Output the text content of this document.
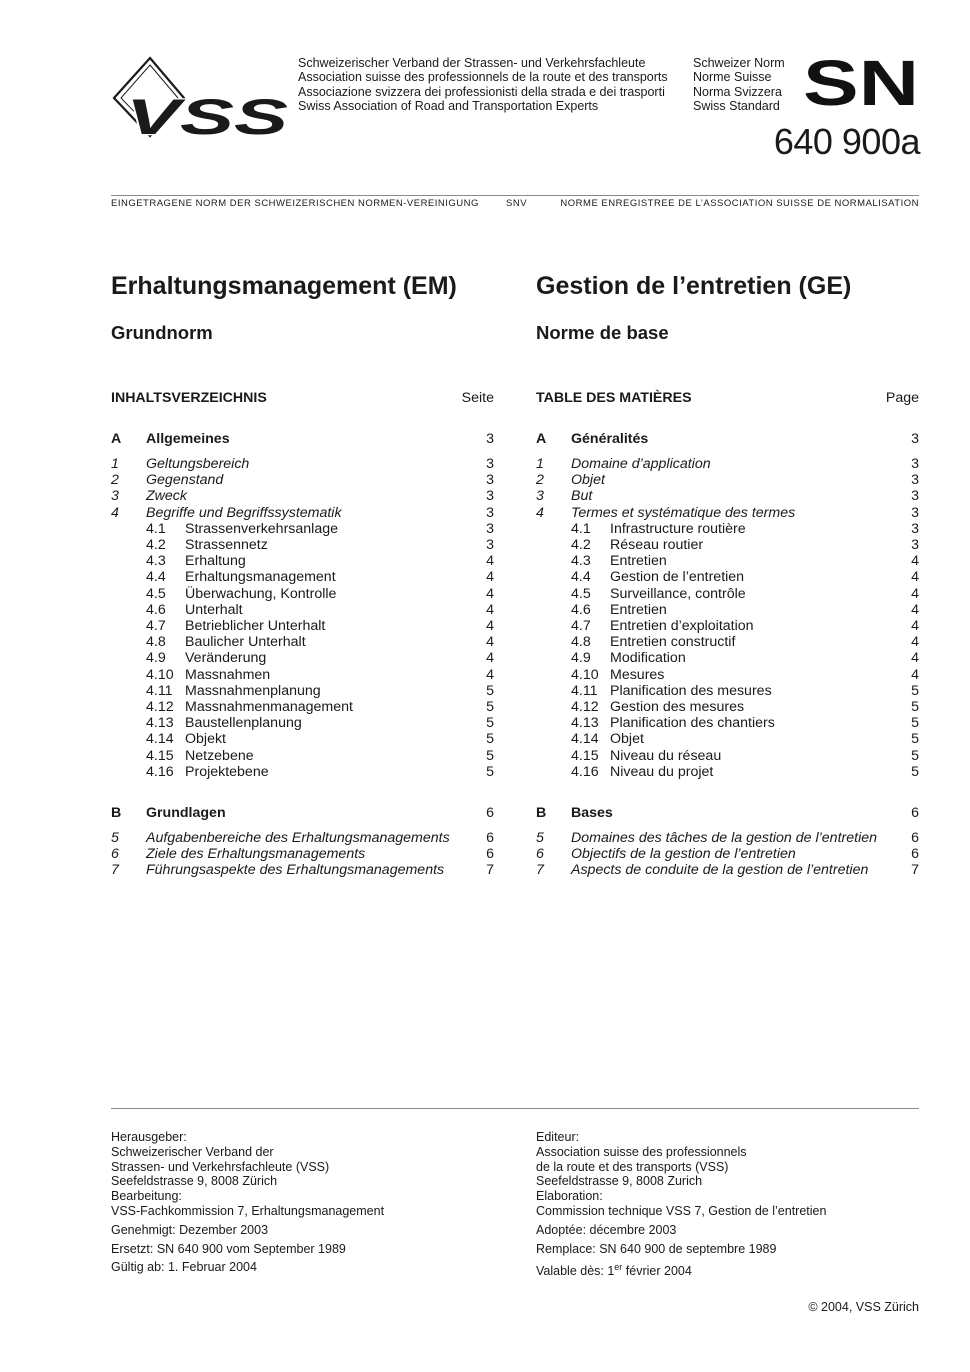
VSS
Schweizerischer Verband der Strassen- und Verkehrsfachleute
Association suisse des professionnels de la route et des transports
Associazione svizzera dei professionisti della strada e dei trasporti
Swiss Association of Road and Transportation Experts
Schweizer Norm
Norme Suisse
Norma Svizzera
Swiss Standard SN
640 900a
EINGETRAGENE NORM DER SCHWEIZERISCHEN NORMEN-VEREINIGUNG	SNV	NORME ENREGISTREE DE L’ASSOCIATION SUISSE DE NORMALISATION
Erhaltungsmanagement (EM)
Grundnorm
Gestion de l’entretien (GE)
Norme de base
INHALTSVERZEICHNIS	Seite
A Allgemeines	3
1 Geltungsbereich	3
2 Gegenstand	3
3 Zweck	3
4 Begriffe und Begriffssystematik	3
4.1 Strassenverkehrsanlage	3
4.2 Strassennetz	3
4.3 Erhaltung	4
4.4 Erhaltungsmanagement	4
4.5 Überwachung, Kontrolle	4
4.6 Unterhalt	4
4.7 Betrieblicher Unterhalt	4
4.8 Baulicher Unterhalt	4
4.9 Veränderung	4
4.10 Massnahmen	4
4.11 Massnahmenplanung	5
4.12 Massnahmenmanagement	5
4.13 Baustellenplanung	5
4.14 Objekt	5
4.15 Netzebene	5
4.16 Projektebene	5
B Grundlagen	6
5 Aufgabenbereiche des Erhaltungsmanagements	6
6 Ziele des Erhaltungsmanagements	6
7 Führungsaspekte des Erhaltungsmanagements	7
TABLE DES MATIÈRES	Page
A Généralités	3
1 Domaine d’application	3
2 Objet	3
3 But	3
4 Termes et systématique des termes	3
4.1 Infrastructure routière	3
4.2 Réseau routier	3
4.3 Entretien	4
4.4 Gestion de l’entretien	4
4.5 Surveillance, contrôle	4
4.6 Entretien	4
4.7 Entretien d’exploitation	4
4.8 Entretien constructif	4
4.9 Modification	4
4.10 Mesures	4
4.11 Planification des mesures	5
4.12 Gestion des mesures	5
4.13 Planification des chantiers	5
4.14 Objet	5
4.15 Niveau du réseau	5
4.16 Niveau du projet	5
B Bases	6
5 Domaines des tâches de la gestion de l’entretien 6
6 Objectifs de la gestion de l’entretien	6
7 Aspects de conduite de la gestion de l’entretien	7
Herausgeber:
Schweizerischer Verband der
Strassen- und Verkehrsfachleute (VSS)
Seefeldstrasse 9, 8008 Zürich
Bearbeitung:
VSS-Fachkommission 7, Erhaltungsmanagement
Genehmigt: Dezember 2003
Ersetzt: SN 640 900 vom September 1989
Gültig ab: 1. Februar 2004
Editeur:
Association suisse des professionnels
de la route et des transports (VSS)
Seefeldstrasse 9, 8008 Zurich
Elaboration:
Commission technique VSS 7, Gestion de l’entretien
Adoptée: décembre 2003
Remplace: SN 640 900 de septembre 1989
Valable dès: 1er février 2004
© 2004, VSS Zürich
